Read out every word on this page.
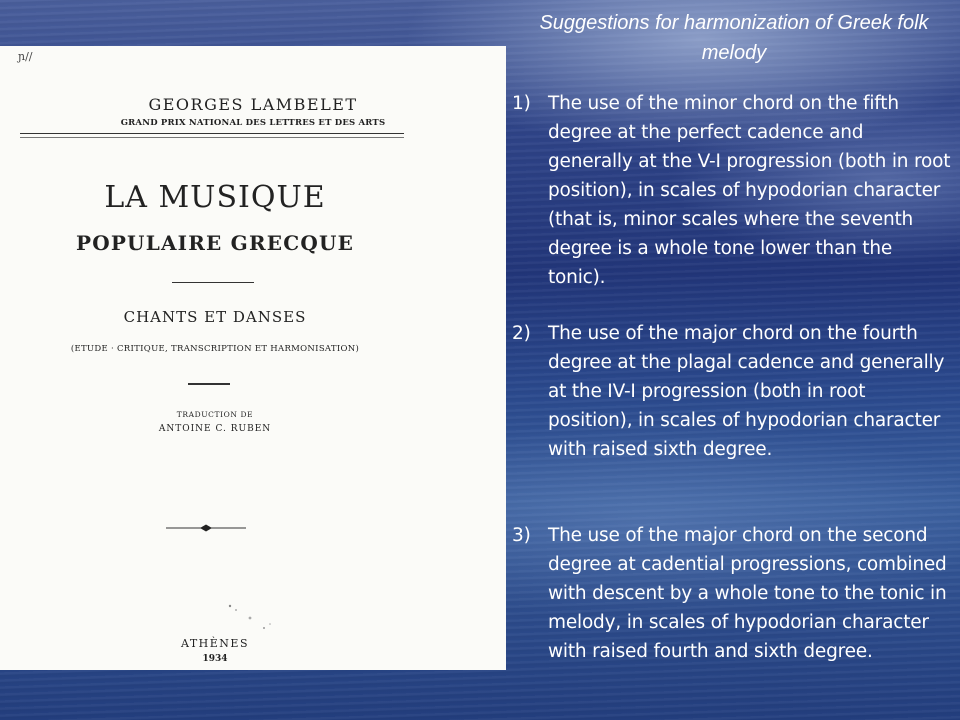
ɲ//
GEORGES LAMBELET
GRAND PRIX NATIONAL DES LETTRES ET DES ARTS
LA MUSIQUE
POPULAIRE GRECQUE
CHANTS ET DANSES
(ETUDE · CRITIQUE, TRANSCRIPTION ET HARMONISATION)
TRADUCTION DE
ANTOINE C. RUBEN
ATHÈNES
1934
Suggestions for harmonization of Greek folk melody
1) The use of the minor chord on the fifth degree at the perfect cadence and generally at the V-I progression (both in root position), in scales of hypodorian character (that is, minor scales where the seventh degree is a whole tone lower than the tonic).
2) The use of the major chord on the fourth degree at the plagal cadence and generally at the IV-I progression (both in root position), in scales of hypodorian character with raised sixth degree.
3) The use of the major chord on the second degree at cadential progressions, combined with descent by a whole tone to the tonic in melody, in scales of hypodorian character with raised fourth and sixth degree.
